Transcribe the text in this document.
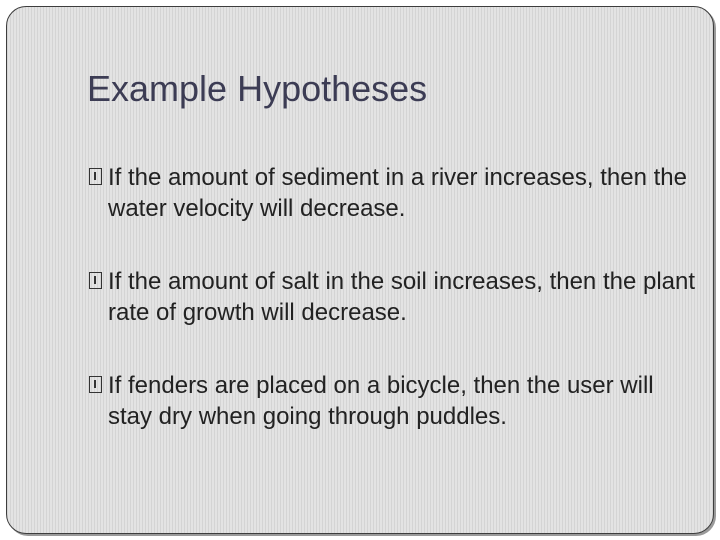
Example Hypotheses
If the amount of sediment in a river increases, then the water velocity will decrease.
If the amount of salt in the soil increases, then the plant rate of growth will decrease.
If fenders are placed on a bicycle, then the user will stay dry when going through puddles.
